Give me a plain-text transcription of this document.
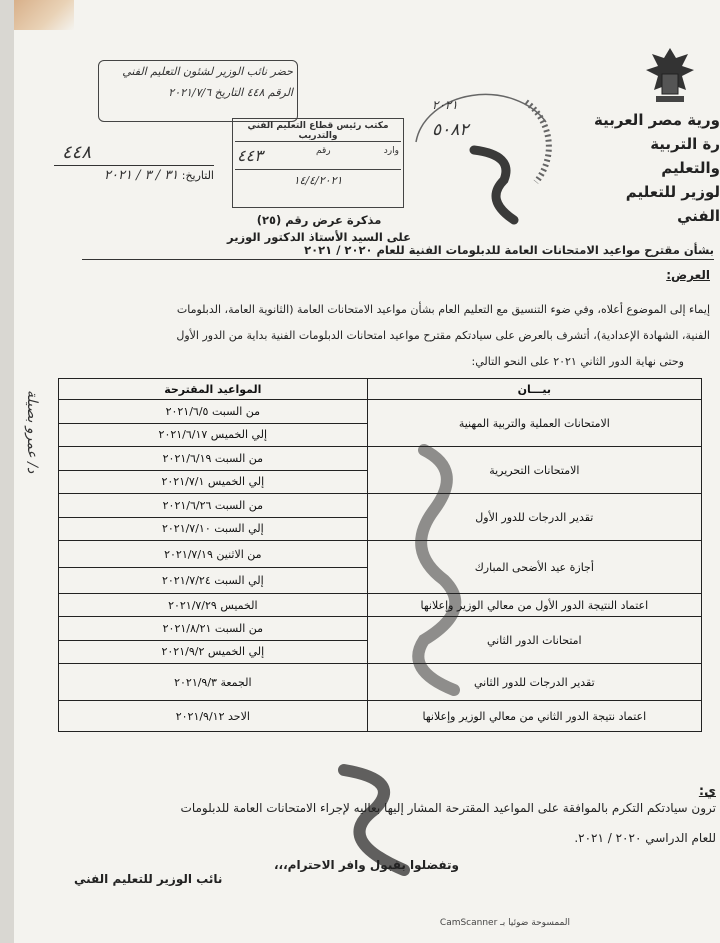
ورية مصر العربية
رة التربية والتعليم
لوزير للتعليم الفني
حضر نائب الوزير لشئون التعليم الفني
الرقم ٤٤٨ التاريخ ٢٠٢١/٧/٦
٤٤٨
التاريخ: ٣١ / ٣ / ٢٠٢١
مكتب رئيس قطاع التعليم الفني والتدريب
وارد
رقم
٤٤٣
١٤/٤/٢٠٢١
٥٠٨٢
٢٠٢١
مذكرة عرض رقم (٢٥)
على السيد الأستاذ الدكتور الوزير
بشأن مقترح مواعيد الامتحانات العامة للدبلومات الفنية للعام ٢٠٢٠ / ٢٠٢١
العرض:
إيماء إلى الموضوع أعلاه، وفي ضوء التنسيق مع التعليم العام بشأن مواعيد الامتحانات العامة (الثانوية العامة، الدبلومات
الفنية، الشهادة الإعدادية)، أتشرف بالعرض على سيادتكم مقترح مواعيد امتحانات الدبلومات الفنية بداية من الدور الأول
وحتى نهاية الدور الثاني ٢٠٢١ على النحو التالي:
بيـــان	المواعيد المقترحة
الامتحانات العملية والتربية المهنية	من السبت ٢٠٢١/٦/٥
إلي الخميس ٢٠٢١/٦/١٧

الامتحانات التحريرية	من السبت ٢٠٢١/٦/١٩
إلي الخميس ٢٠٢١/٧/١

تقدير الدرجات للدور الأول	من السبت ٢٠٢١/٦/٢٦
إلي السبت ٢٠٢١/٧/١٠

أجازة عيد الأضحى المبارك	من الاثنين ٢٠٢١/٧/١٩
إلي السبت ٢٠٢١/٧/٢٤

اعتماد النتيجة الدور الأول من معالي الوزير وإعلانها	الخميس ٢٠٢١/٧/٢٩
امتحانات الدور الثاني	من السبت ٢٠٢١/٨/٢١
إلي الخميس ٢٠٢١/٩/٢

تقدير الدرجات للدور الثاني	الجمعة ٢٠٢١/٩/٣
اعتماد نتيجة الدور الثاني من معالي الوزير وإعلانها	الاحد ٢٠٢١/٩/١٢
د/ عمرو بصيلة
ي:
ترون سيادتكم التكرم بالموافقة على المواعيد المقترحة المشار إليها بعاليه لإجراء الامتحانات العامة للدبلومات
للعام الدراسي ٢٠٢٠ / ٢٠٢١.
وتفضلوا بقبول وافر الاحترام،،،
نائب الوزير للتعليم الفني
الممسوحة ضوئيا بـ CamScanner
